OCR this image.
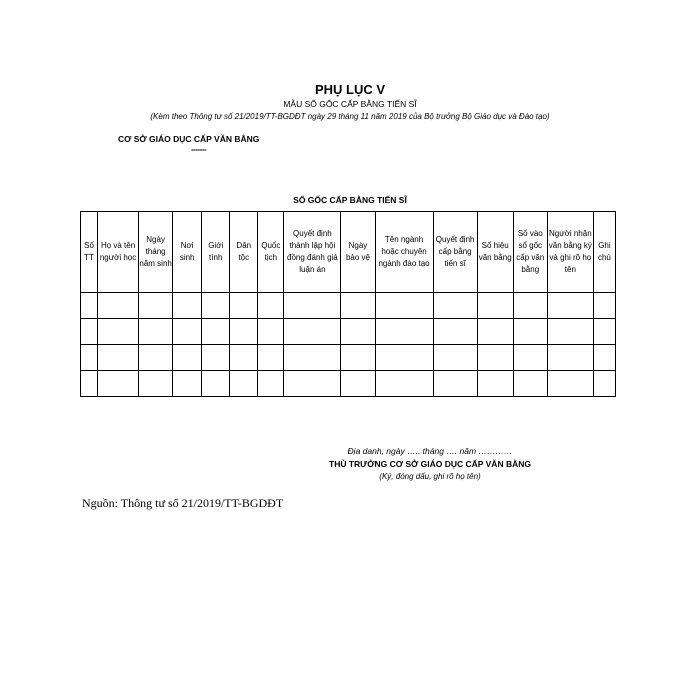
PHỤ LỤC V
MẪU SỐ GỐC CẤP BẰNG TIẾN SĨ
(Kèm theo Thông tư số 21/2019/TT-BGDĐT ngày 29 tháng 11 năm 2019 của Bộ trưởng Bộ Giáo dục và Đào tạo)
CƠ SỞ GIÁO DỤC CẤP VĂN BẰNG
-------
SỐ GỐC CẤP BẰNG TIẾN SĨ
Số TT	Họ và tên người học	Ngày tháng năm sinh	Nơi sinh	Giới tính	Dân tộc	Quốc tịch	Quyết định thành lập hội đồng đánh giá luận án	Ngày bảo vệ	Tên ngành hoặc chuyên ngành đào tạo	Quyết định cấp bằng tiến sĩ	Số hiệu văn bằng	Số vào sổ gốc cấp văn bằng	Người nhận văn bằng ký và ghi rõ họ tên	Ghi chú

Địa danh, ngày ….. tháng …. năm …………
THỦ TRƯỞNG CƠ SỞ GIÁO DỤC CẤP VĂN BẰNG
(Ký, đóng dấu, ghi rõ họ tên)
Nguồn: Thông tư số 21/2019/TT-BGDĐT
